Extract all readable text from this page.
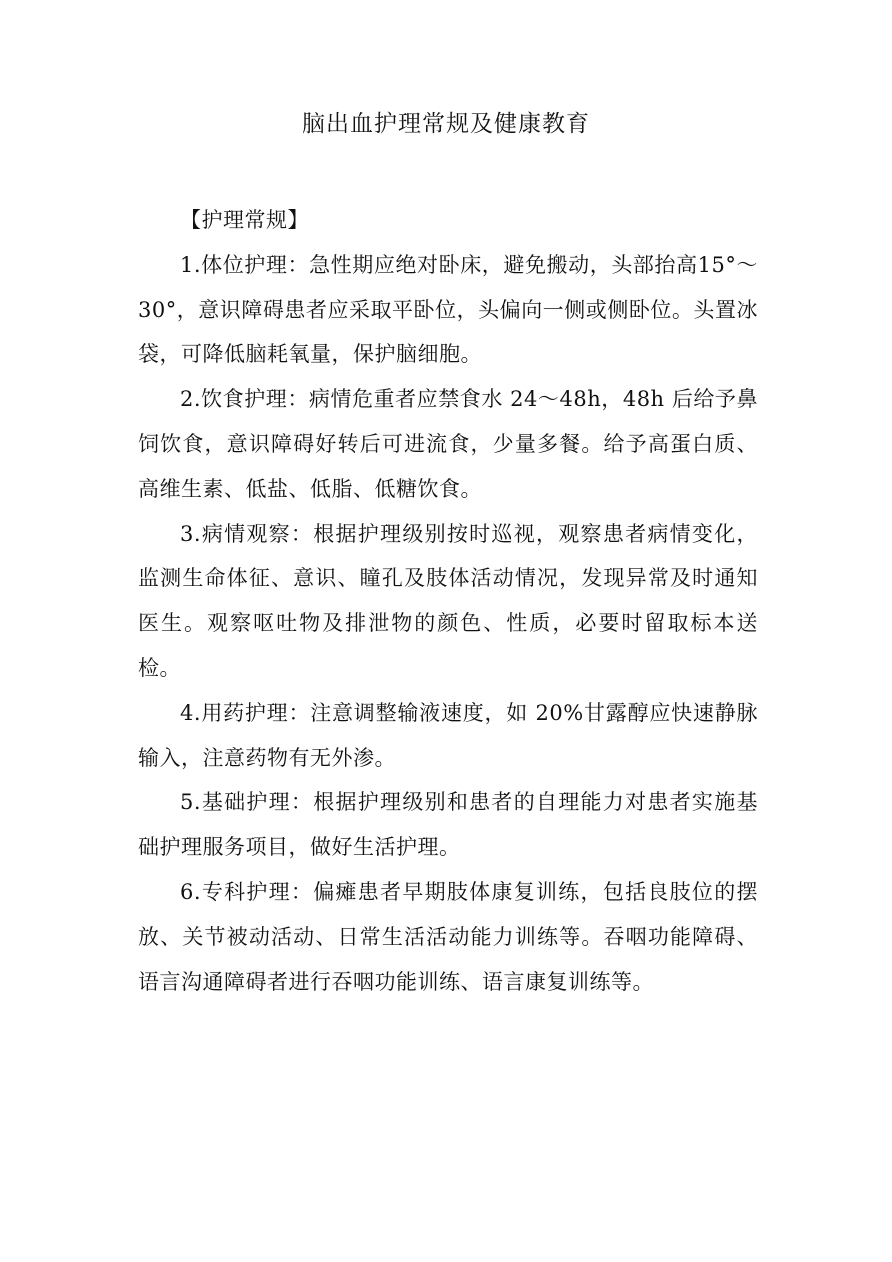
脑出血护理常规及健康教育

【护理常规】

1.体位护理：急性期应绝对卧床，避免搬动，头部抬高15°～30°，意识障碍患者应采取平卧位，头偏向一侧或侧卧位。头置冰袋，可降低脑耗氧量，保护脑细胞。

2.饮食护理：病情危重者应禁食水 24～48h，48h 后给予鼻饲饮食，意识障碍好转后可进流食，少量多餐。给予高蛋白质、高维生素、低盐、低脂、低糖饮食。

3.病情观察：根据护理级别按时巡视，观察患者病情变化，监测生命体征、意识、瞳孔及肢体活动情况，发现异常及时通知医生。观察呕吐物及排泄物的颜色、性质，必要时留取标本送检。

4.用药护理：注意调整输液速度，如 20%甘露醇应快速静脉输入，注意药物有无外渗。

5.基础护理：根据护理级别和患者的自理能力对患者实施基础护理服务项目，做好生活护理。

6.专科护理：偏瘫患者早期肢体康复训练，包括良肢位的摆放、关节被动活动、日常生活活动能力训练等。吞咽功能障碍、语言沟通障碍者进行吞咽功能训练、语言康复训练等。
